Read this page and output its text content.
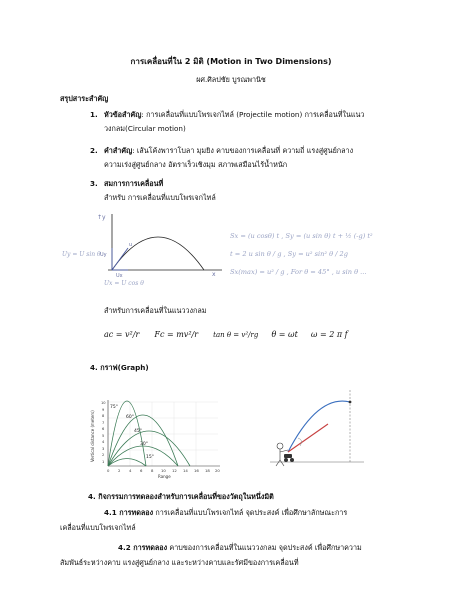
การเคลื่อนที่ใน 2 มิติ (Motion in Two Dimensions)
ผศ.ศิลปชัย บูรณพานิช
สรุปสาระสำคัญ
1. หัวข้อสำคัญ: การเคลื่อนที่แบบโพรเจกไทล์ (Projectile motion) การเคลื่อนที่ในแนว
วงกลม(Circular motion)
2. คำสำคัญ: เส้นโค้งพาราโบลา มุมยิง คาบของการเคลื่อนที่ ความถี่ แรงสู่ศูนย์กลาง
ความเร่งสู่ศูนย์กลาง อัตราเร็วเชิงมุม สภาพเสมือนไร้น้ำหนัก
3. สมการการเคลื่อนที่
สำหรับ การเคลื่อนที่แบบโพรเจกไทล์
↑y
u
Uy
Ux	x
Uy = U sin θ
Ux = U cos θ
Sx = (u cosθ) t , Sy = (u sin θ) t + ½ (-g) t²
t = 2 u sin θ / g , Sy = u² sin² θ / 2g
Sx(max) = u² / g , For θ = 45° , u sin θ ...
สำหรับการเคลื่อนที่ในแนววงกลม
ac = v²/r Fc = mv²/r tan θ = v²/rg θ = ωt ω = 2 π f
4. กราฟ(Graph)
75°
60°
45°
30°
15°
Vertical distance (meters)
0 2 4 6 8 10 12 14 16 18 20
10
9
8
7
6
5
4
3
2
1
Range
4. กิจกรรมการทดลองสำหรับการเคลื่อนที่ของวัตถุในหนึ่งมิติ
4.1 การทดลอง การเคลื่อนที่แบบโพรเจกไทล์ จุดประสงค์ เพื่อศึกษาลักษณะการ
เคลื่อนที่แบบโพรเจกไทล์
4.2 การทดลอง คาบของการเคลื่อนที่ในแนววงกลม จุดประสงค์ เพื่อศึกษาความ
สัมพันธ์ระหว่างคาบ แรงสู่ศูนย์กลาง และระหว่างคาบและรัศมีของการเคลื่อนที่
